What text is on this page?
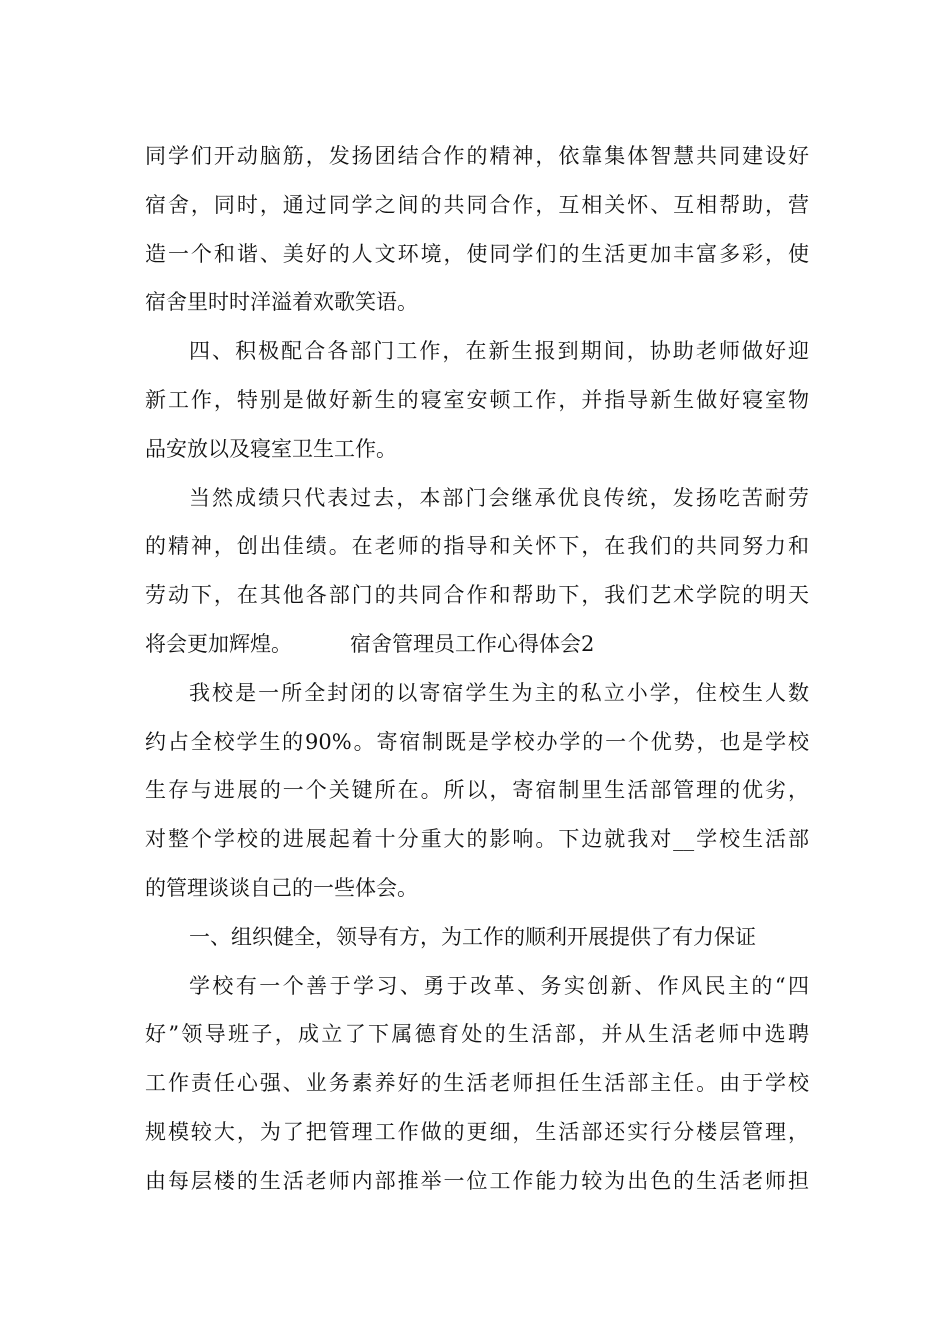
同学们开动脑筋，发扬团结合作的精神，依靠集体智慧共同建设好
宿舍，同时，通过同学之间的共同合作，互相关怀、互相帮助，营
造一个和谐、美好的人文环境，使同学们的生活更加丰富多彩，使
宿舍里时时洋溢着欢歌笑语。
四、积极配合各部门工作，在新生报到期间，协助老师做好迎
新工作，特别是做好新生的寝室安顿工作，并指导新生做好寝室物
品安放以及寝室卫生工作。
当然成绩只代表过去，本部门会继承优良传统，发扬吃苦耐劳
的精神，创出佳绩。在老师的指导和关怀下，在我们的共同努力和
劳动下，在其他各部门的共同合作和帮助下，我们艺术学院的明天
将会更加辉煌。	宿舍管理员工作心得体会2
我校是一所全封闭的以寄宿学生为主的私立小学，住校生人数
约占全校学生的90%。寄宿制既是学校办学的一个优势，也是学校
生存与进展的一个关键所在。所以，寄宿制里生活部管理的优劣，
对整个学校的进展起着十分重大的影响。下边就我对__学校生活部
的管理谈谈自己的一些体会。
一、组织健全，领导有方，为工作的顺利开展提供了有力保证
学校有一个善于学习、勇于改革、务实创新、作风民主的“四
好”领导班子，成立了下属德育处的生活部，并从生活老师中选聘
工作责任心强、业务素养好的生活老师担任生活部主任。由于学校
规模较大，为了把管理工作做的更细，生活部还实行分楼层管理，
由每层楼的生活老师内部推举一位工作能力较为出色的生活老师担
